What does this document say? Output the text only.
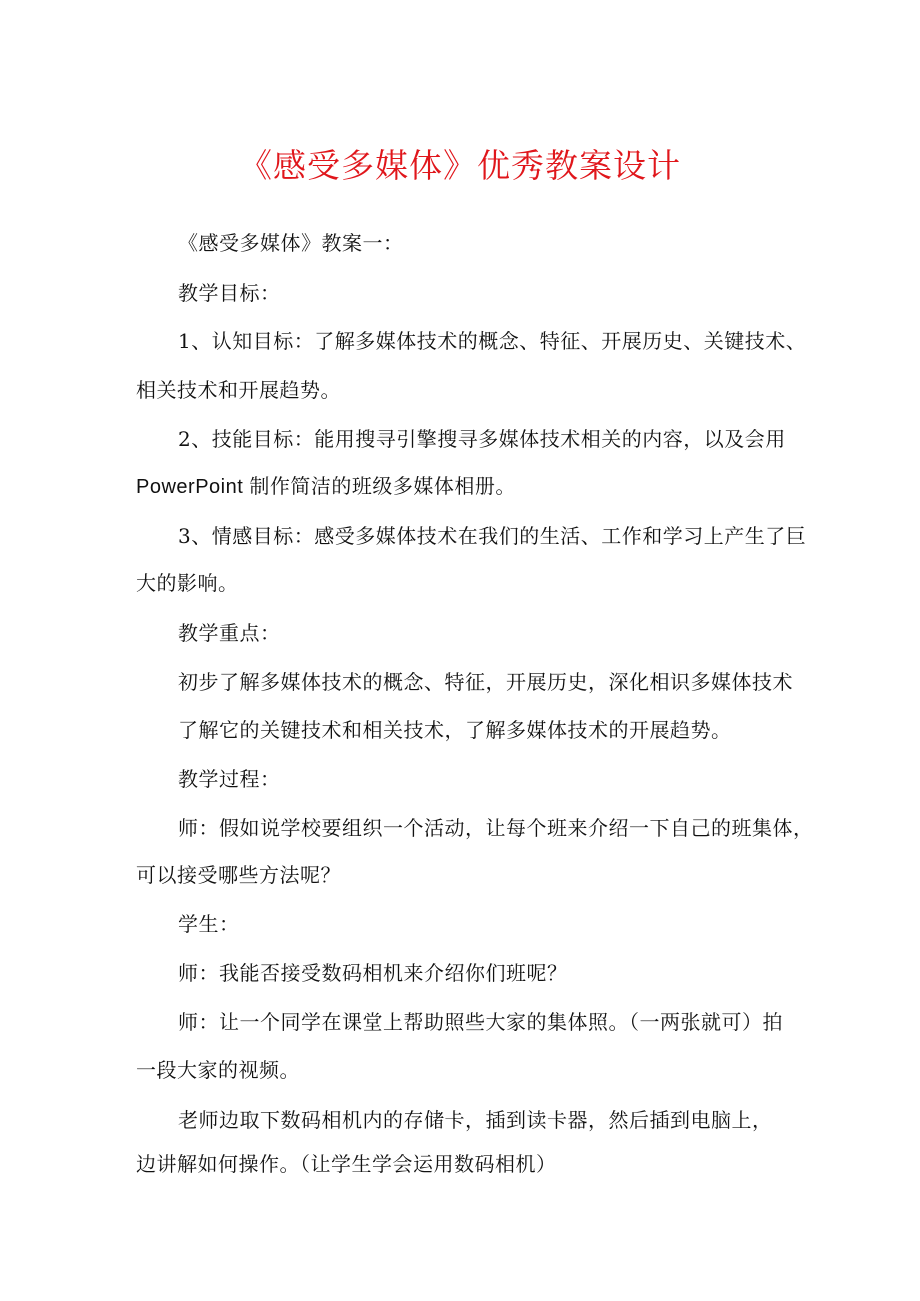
《感受多媒体》优秀教案设计
《感受多媒体》教案一：
教学目标：
1、认知目标：了解多媒体技术的概念、特征、开展历史、关键技术、
相关技术和开展趋势。
2、技能目标：能用搜寻引擎搜寻多媒体技术相关的内容，以及会用
PowerPoint 制作简洁的班级多媒体相册。
3、情感目标：感受多媒体技术在我们的生活、工作和学习上产生了巨
大的影响。
教学重点：
初步了解多媒体技术的概念、特征，开展历史，深化相识多媒体技术
了解它的关键技术和相关技术，了解多媒体技术的开展趋势。
教学过程：
师：假如说学校要组织一个活动，让每个班来介绍一下自己的班集体，
可以接受哪些方法呢？
学生：
师：我能否接受数码相机来介绍你们班呢？
师：让一个同学在课堂上帮助照些大家的集体照。（一两张就可）拍
一段大家的视频。
老师边取下数码相机内的存储卡，插到读卡器，然后插到电脑上，
边讲解如何操作。（让学生学会运用数码相机）
